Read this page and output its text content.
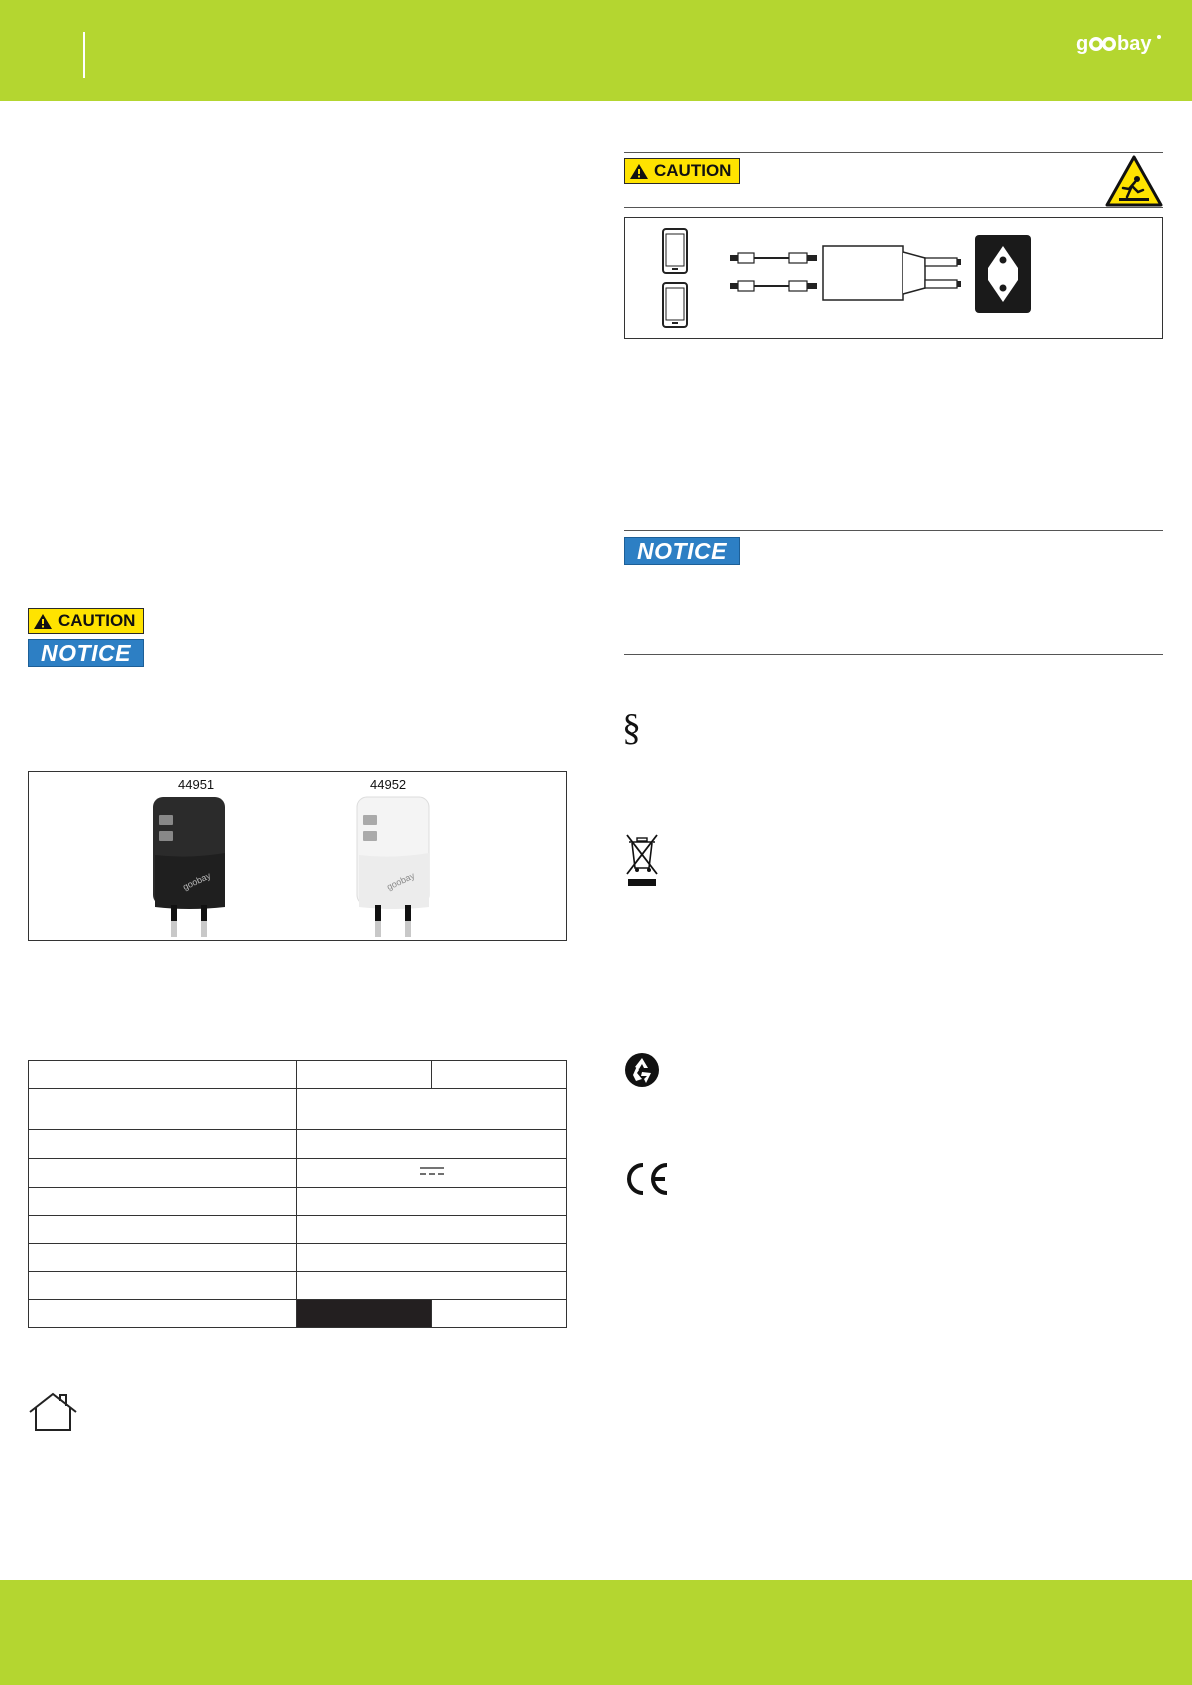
g bay
CAUTION
NOTICE
44951	44952
goobay	goobay

CAUTION
NOTICE
§
